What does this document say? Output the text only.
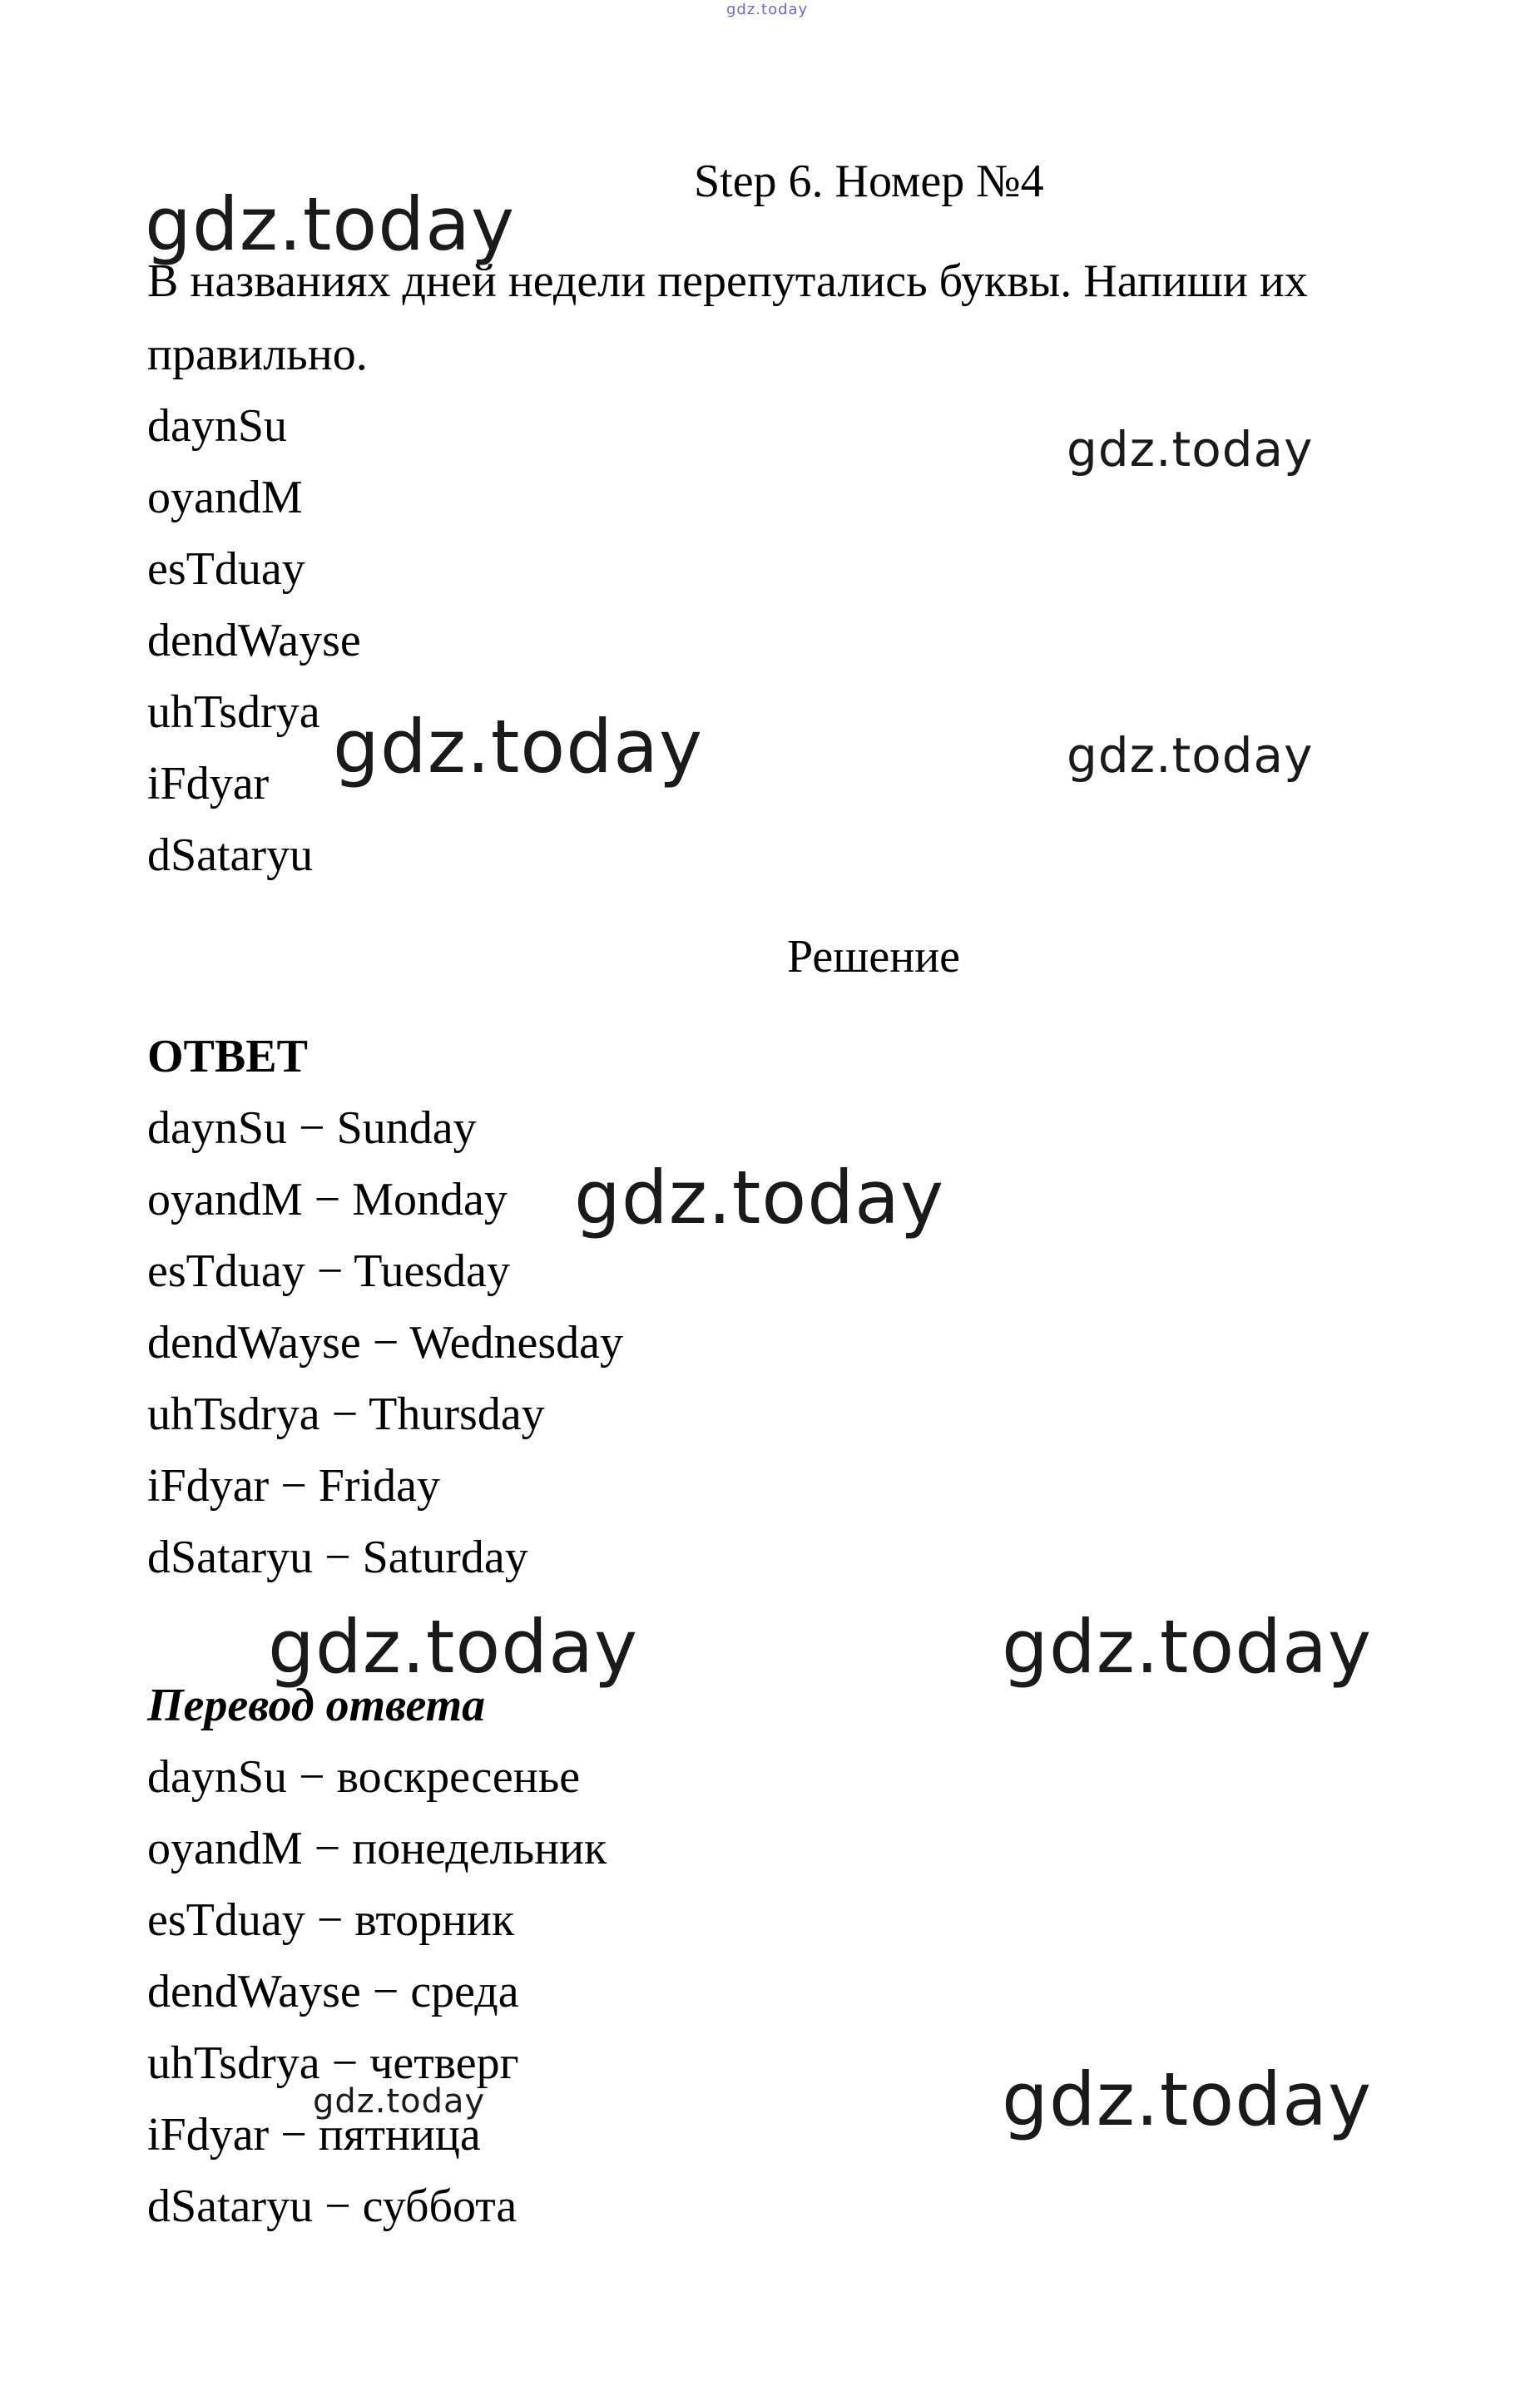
gdz.today
Step 6. Номер №4
В названиях дней недели перепутались буквы. Напиши их
правильно.
daynSu
oyandM
esTduay
dendWayse
uhTsdrya
iFdyar
dSataryu
Решение
ОТВЕТ
daynSu − Sunday
oyandM − Monday
esTduay − Tuesday
dendWayse − Wednesday
uhTsdrya − Thursday
iFdyar − Friday
dSataryu − Saturday
Перевод ответа
daynSu − воскресенье
oyandM − понедельник
esTduay − вторник
dendWayse − среда
uhTsdrya − четверг
iFdyar − пятница
dSataryu − суббота
gdz.today
gdz.today
gdz.today	gdz.today
gdz.today
gdz.today	gdz.today
gdz.today	gdz.today
